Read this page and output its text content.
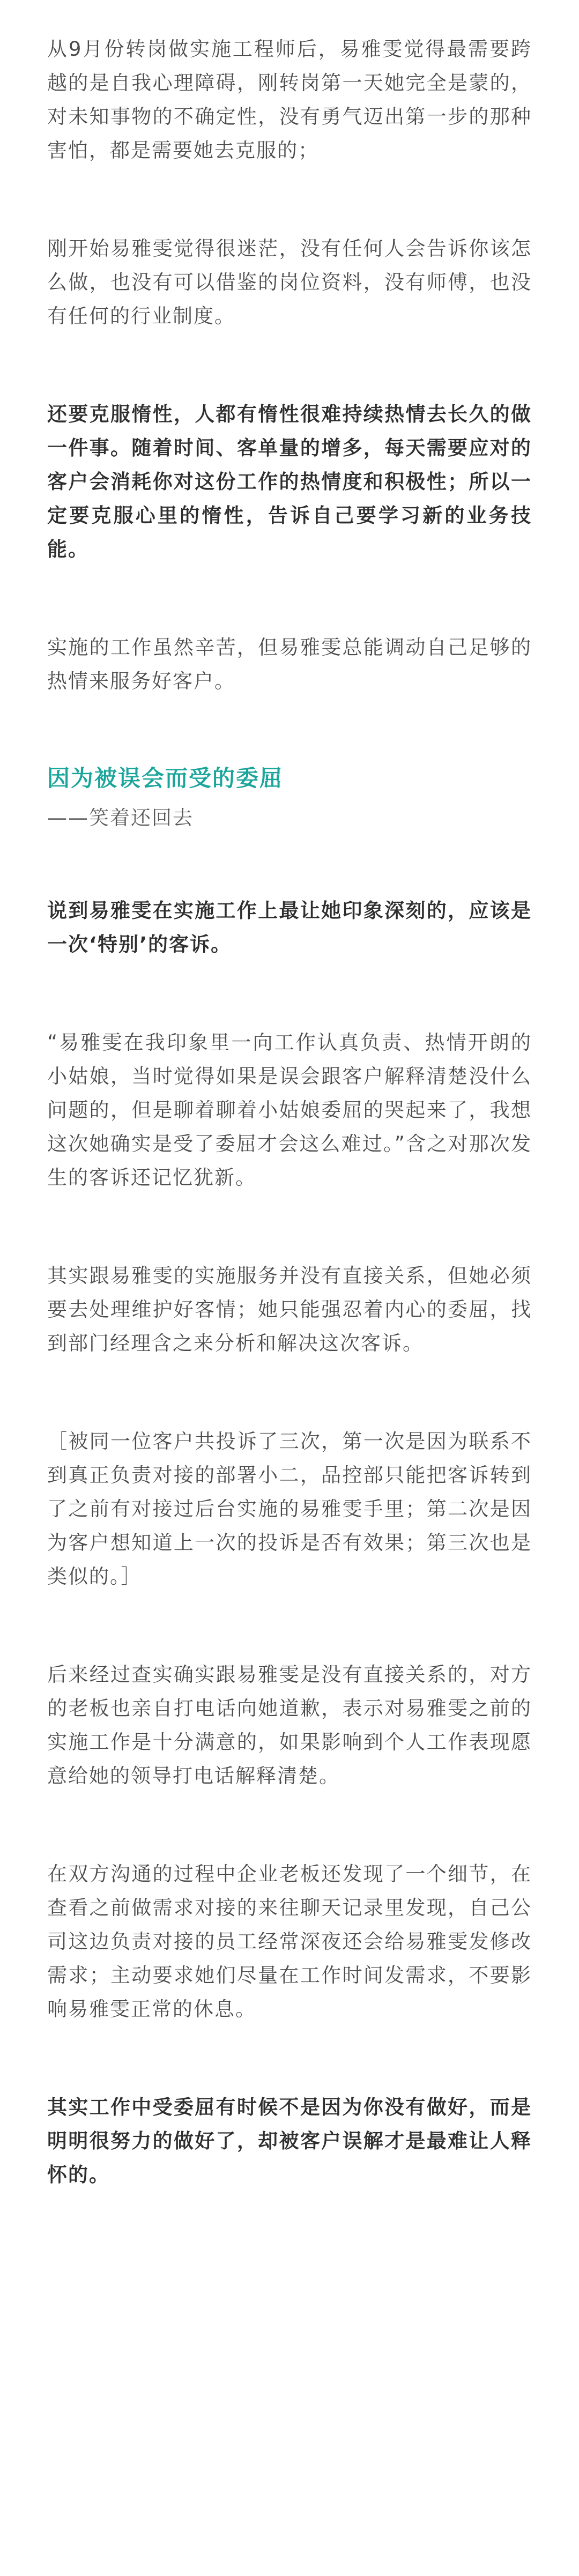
从9月份转岗做实施工程师后，易雅雯觉得最需要跨越的是自我心理障碍，刚转岗第一天她完全是蒙的，对未知事物的不确定性，没有勇气迈出第一步的那种害怕，都是需要她去克服的；

刚开始易雅雯觉得很迷茫，没有任何人会告诉你该怎么做，也没有可以借鉴的岗位资料，没有师傅，也没有任何的行业制度。

还要克服惰性，人都有惰性很难持续热情去长久的做一件事。随着时间、客单量的增多，每天需要应对的客户会消耗你对这份工作的热情度和积极性；所以一定要克服心里的惰性，告诉自己要学习新的业务技能。

实施的工作虽然辛苦，但易雅雯总能调动自己足够的热情来服务好客户。

因为被误会而受的委屈

——笑着还回去

说到易雅雯在实施工作上最让她印象深刻的，应该是一次‘特别’的客诉。

“易雅雯在我印象里一向工作认真负责、热情开朗的小姑娘，当时觉得如果是误会跟客户解释清楚没什么问题的，但是聊着聊着小姑娘委屈的哭起来了，我想这次她确实是受了委屈才会这么难过。”含之对那次发生的客诉还记忆犹新。

其实跟易雅雯的实施服务并没有直接关系，但她必须要去处理维护好客情；她只能强忍着内心的委屈，找到部门经理含之来分析和解决这次客诉。

［被同一位客户共投诉了三次，第一次是因为联系不到真正负责对接的部署小二，品控部只能把客诉转到了之前有对接过后台实施的易雅雯手里；第二次是因为客户想知道上一次的投诉是否有效果；第三次也是类似的。］

后来经过查实确实跟易雅雯是没有直接关系的，对方的老板也亲自打电话向她道歉，表示对易雅雯之前的实施工作是十分满意的，如果影响到个人工作表现愿意给她的领导打电话解释清楚。

在双方沟通的过程中企业老板还发现了一个细节，在查看之前做需求对接的来往聊天记录里发现，自己公司这边负责对接的员工经常深夜还会给易雅雯发修改需求；主动要求她们尽量在工作时间发需求，不要影响易雅雯正常的休息。

其实工作中受委屈有时候不是因为你没有做好，而是明明很努力的做好了，却被客户误解才是最难让人释怀的。
